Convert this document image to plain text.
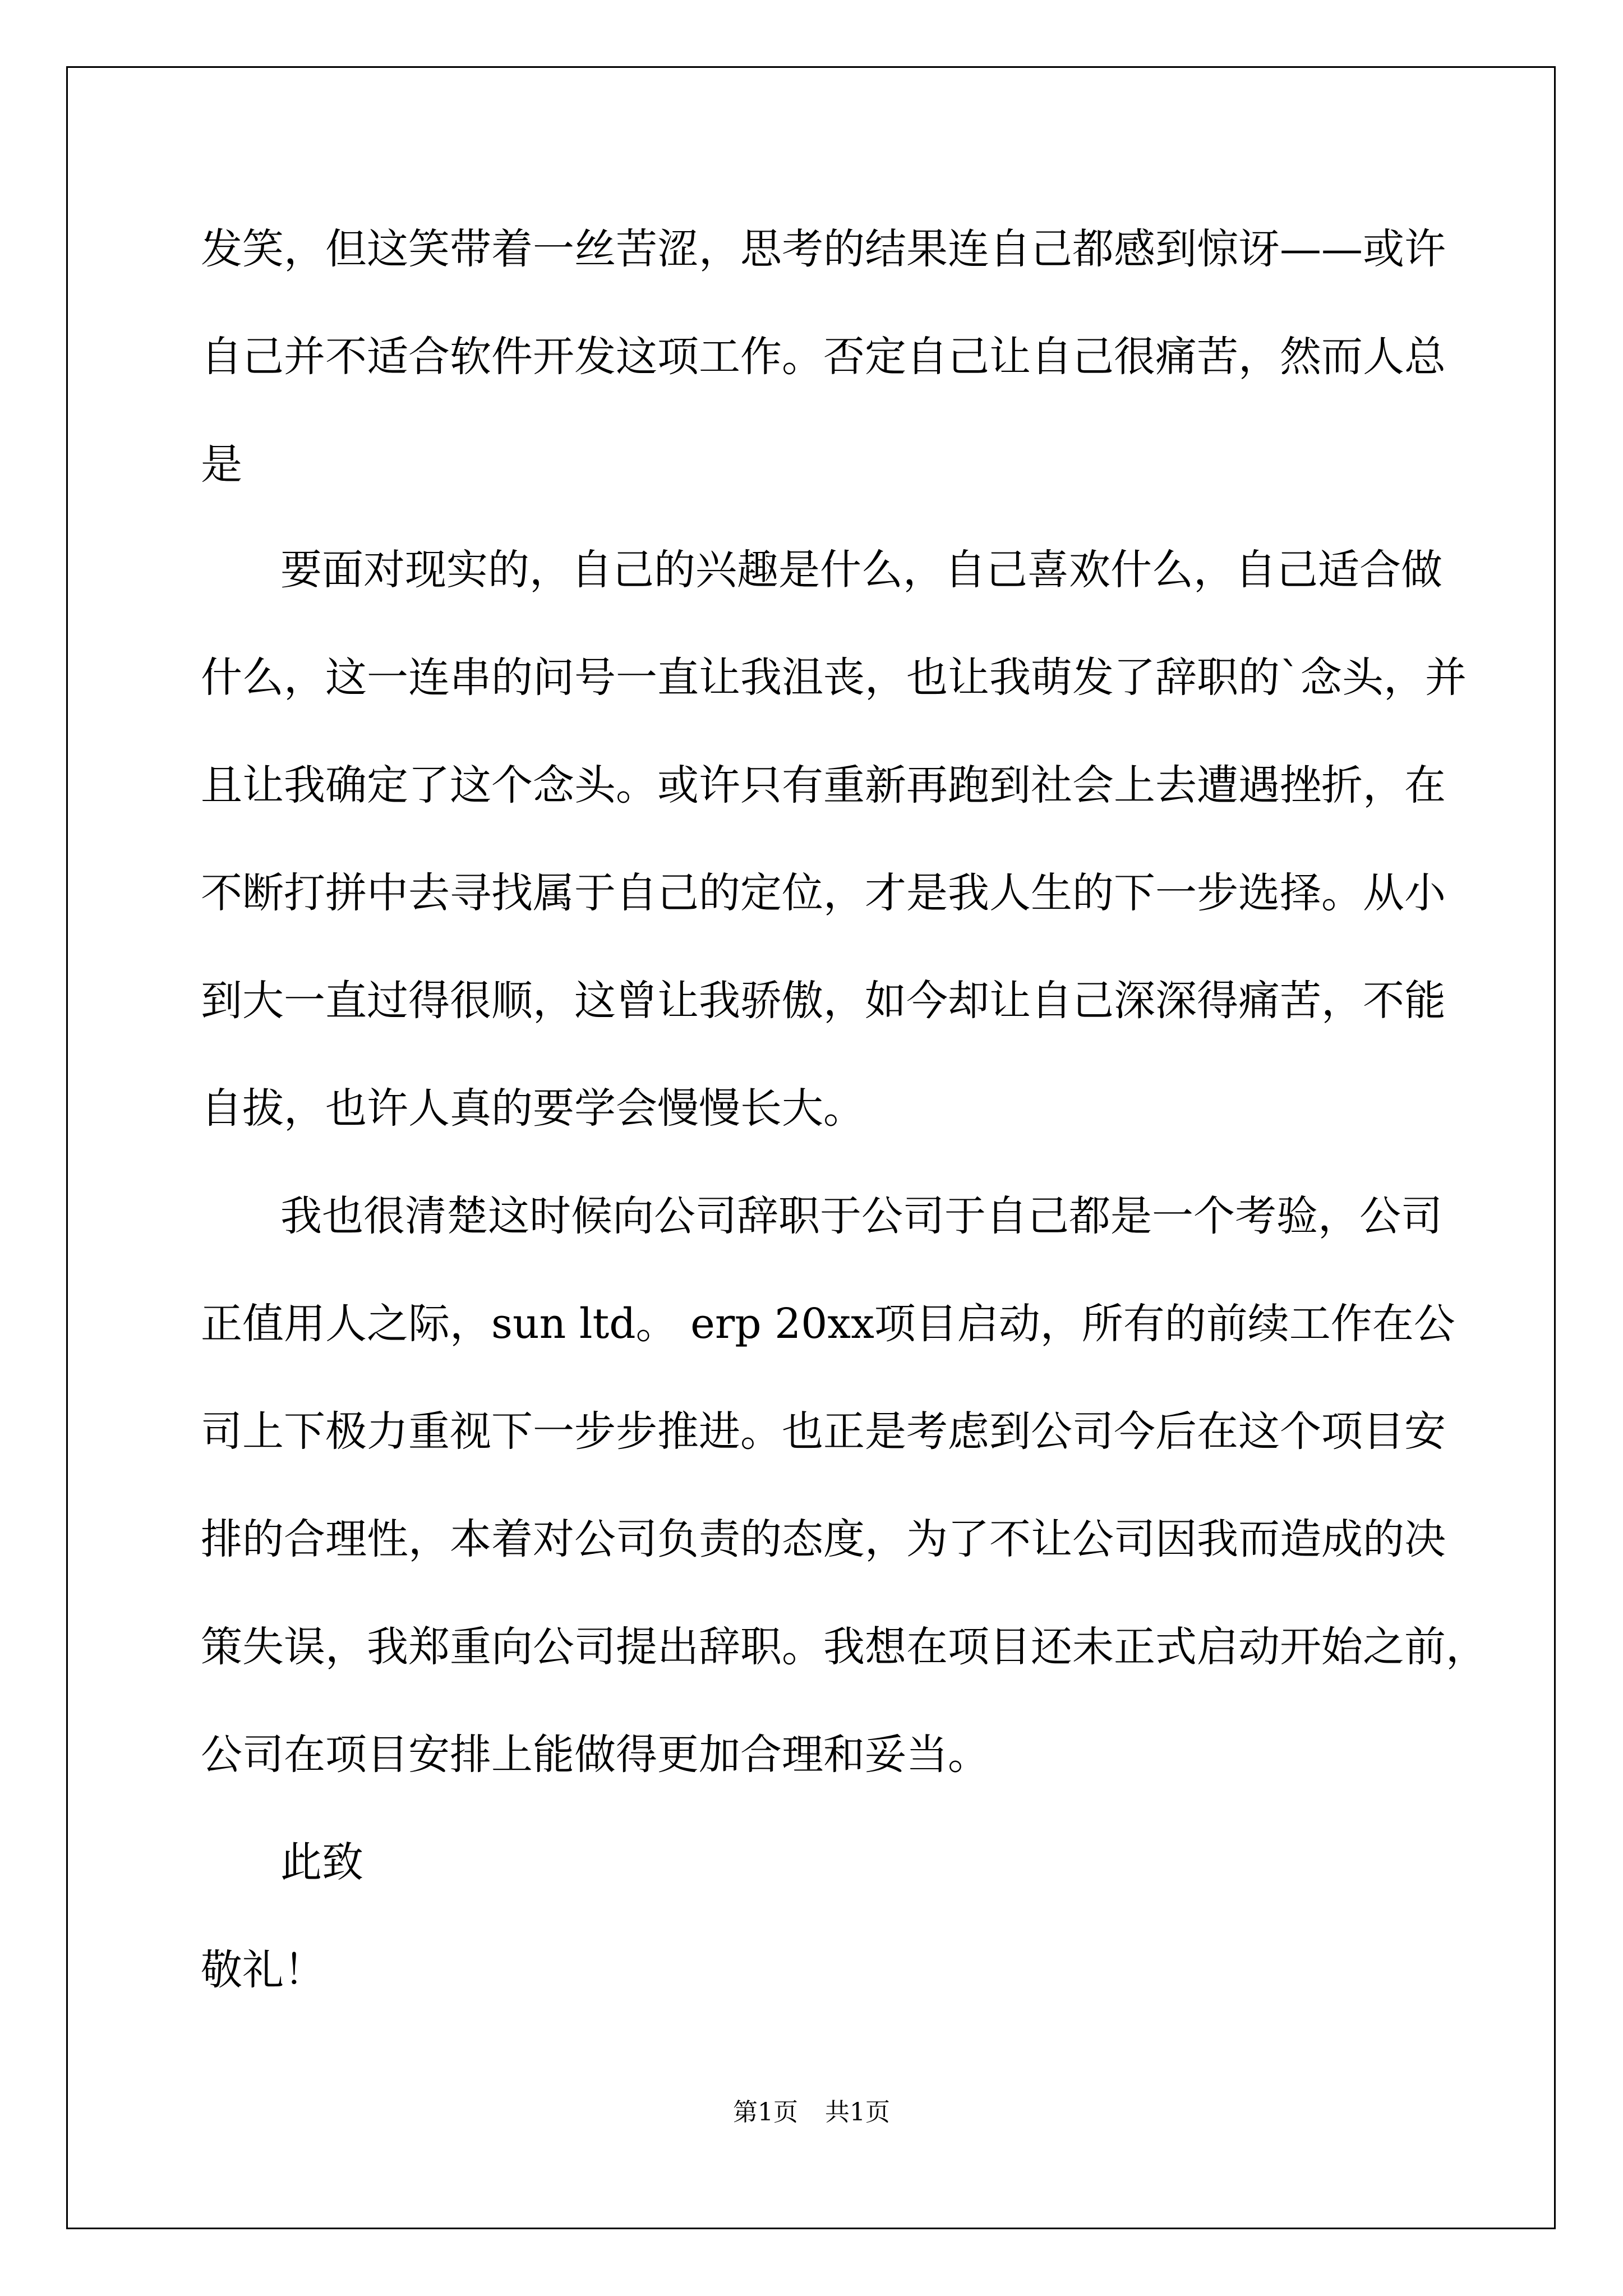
发笑，但这笑带着一丝苦涩，思考的结果连自己都感到惊讶——或许

自己并不适合软件开发这项工作。否定自己让自己很痛苦，然而人总

是

要面对现实的，自己的兴趣是什么，自己喜欢什么，自己适合做

什么，这一连串的问号一直让我沮丧，也让我萌发了辞职的`念头，并

且让我确定了这个念头。或许只有重新再跑到社会上去遭遇挫折，在

不断打拼中去寻找属于自己的定位，才是我人生的下一步选择。从小

到大一直过得很顺，这曾让我骄傲，如今却让自己深深得痛苦，不能

自拔，也许人真的要学会慢慢长大。

我也很清楚这时候向公司辞职于公司于自己都是一个考验，公司

正值用人之际，sun ltd。 erp 20xx项目启动，所有的前续工作在公

司上下极力重视下一步步推进。也正是考虑到公司今后在这个项目安

排的合理性，本着对公司负责的态度，为了不让公司因我而造成的决

策失误，我郑重向公司提出辞职。我想在项目还未正式启动开始之前，

公司在项目安排上能做得更加合理和妥当。

此致

敬礼！

第1页 共1页
